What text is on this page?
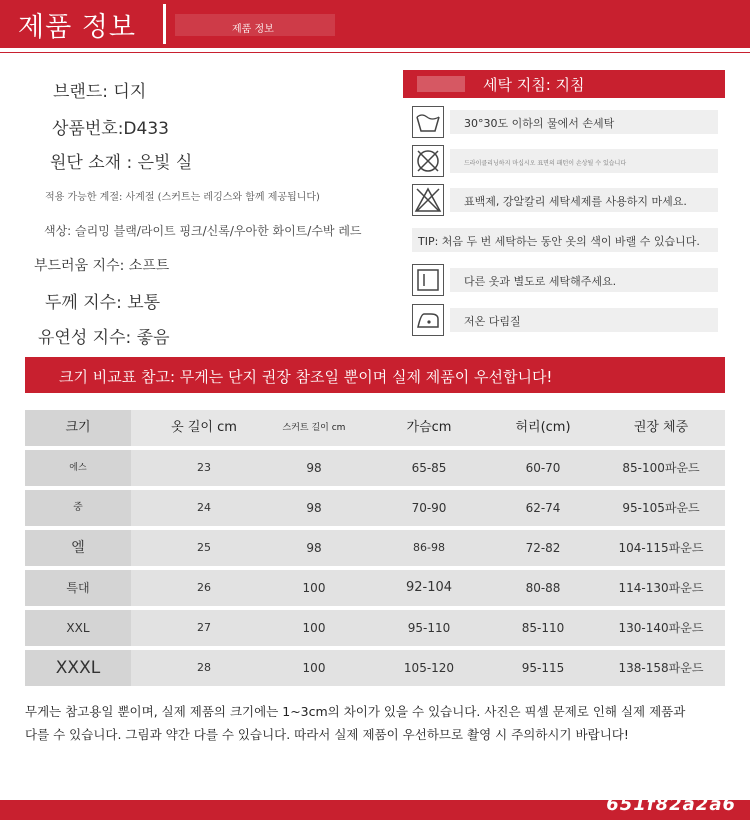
제품 정보	제품 정보
브랜드: 디지
상품번호:D433
원단 소재 : 은빛 실
적용 가능한 계절: 사계절 (스커트는 레깅스와 함께 제공됩니다)
색상: 슬리밍 블랙/라이트 핑크/신록/우아한 화이트/수박 레드
부드러움 지수: 소프트
두께 지수: 보통
유연성 지수: 좋음
세탁 지침: 지침
30°30도 이하의 물에서 손세탁
드라이클리닝하지 마십시오 표면의 패턴이 손상될 수 있습니다
표백제, 강알칼리 세탁세제를 사용하지 마세요.
TIP: 처음 두 번 세탁하는 동안 옷의 색이 바랠 수 있습니다.
다른 옷과 별도로 세탁해주세요.
저온 다림질
크기 비교표 참고: 무게는 단지 권장 참조일 뿐이며 실제 제품이 우선합니다!
크기	옷 길이 cm	스커트 길이 cm	가슴cm	허리(cm)	권장 체중
에스	23	98	65-85	60-70	85-100파운드
중	24	98	70-90	62-74	95-105파운드
엘	25	98	86-98	72-82	104-115파운드
특대	26	100	92-104	80-88	114-130파운드
XXL	27	100	95-110	85-110	130-140파운드
XXXL	28	100	105-120	95-115	138-158파운드
무게는 참고용일 뿐이며, 실제 제품의 크기에는 1~3cm의 차이가 있을 수 있습니다. 사진은 픽셀 문제로 인해 실제 제품과
다를 수 있습니다. 그림과 약간 다를 수 있습니다. 따라서 실제 제품이 우선하므로 촬영 시 주의하시기 바랍니다!
651f82a2a6
